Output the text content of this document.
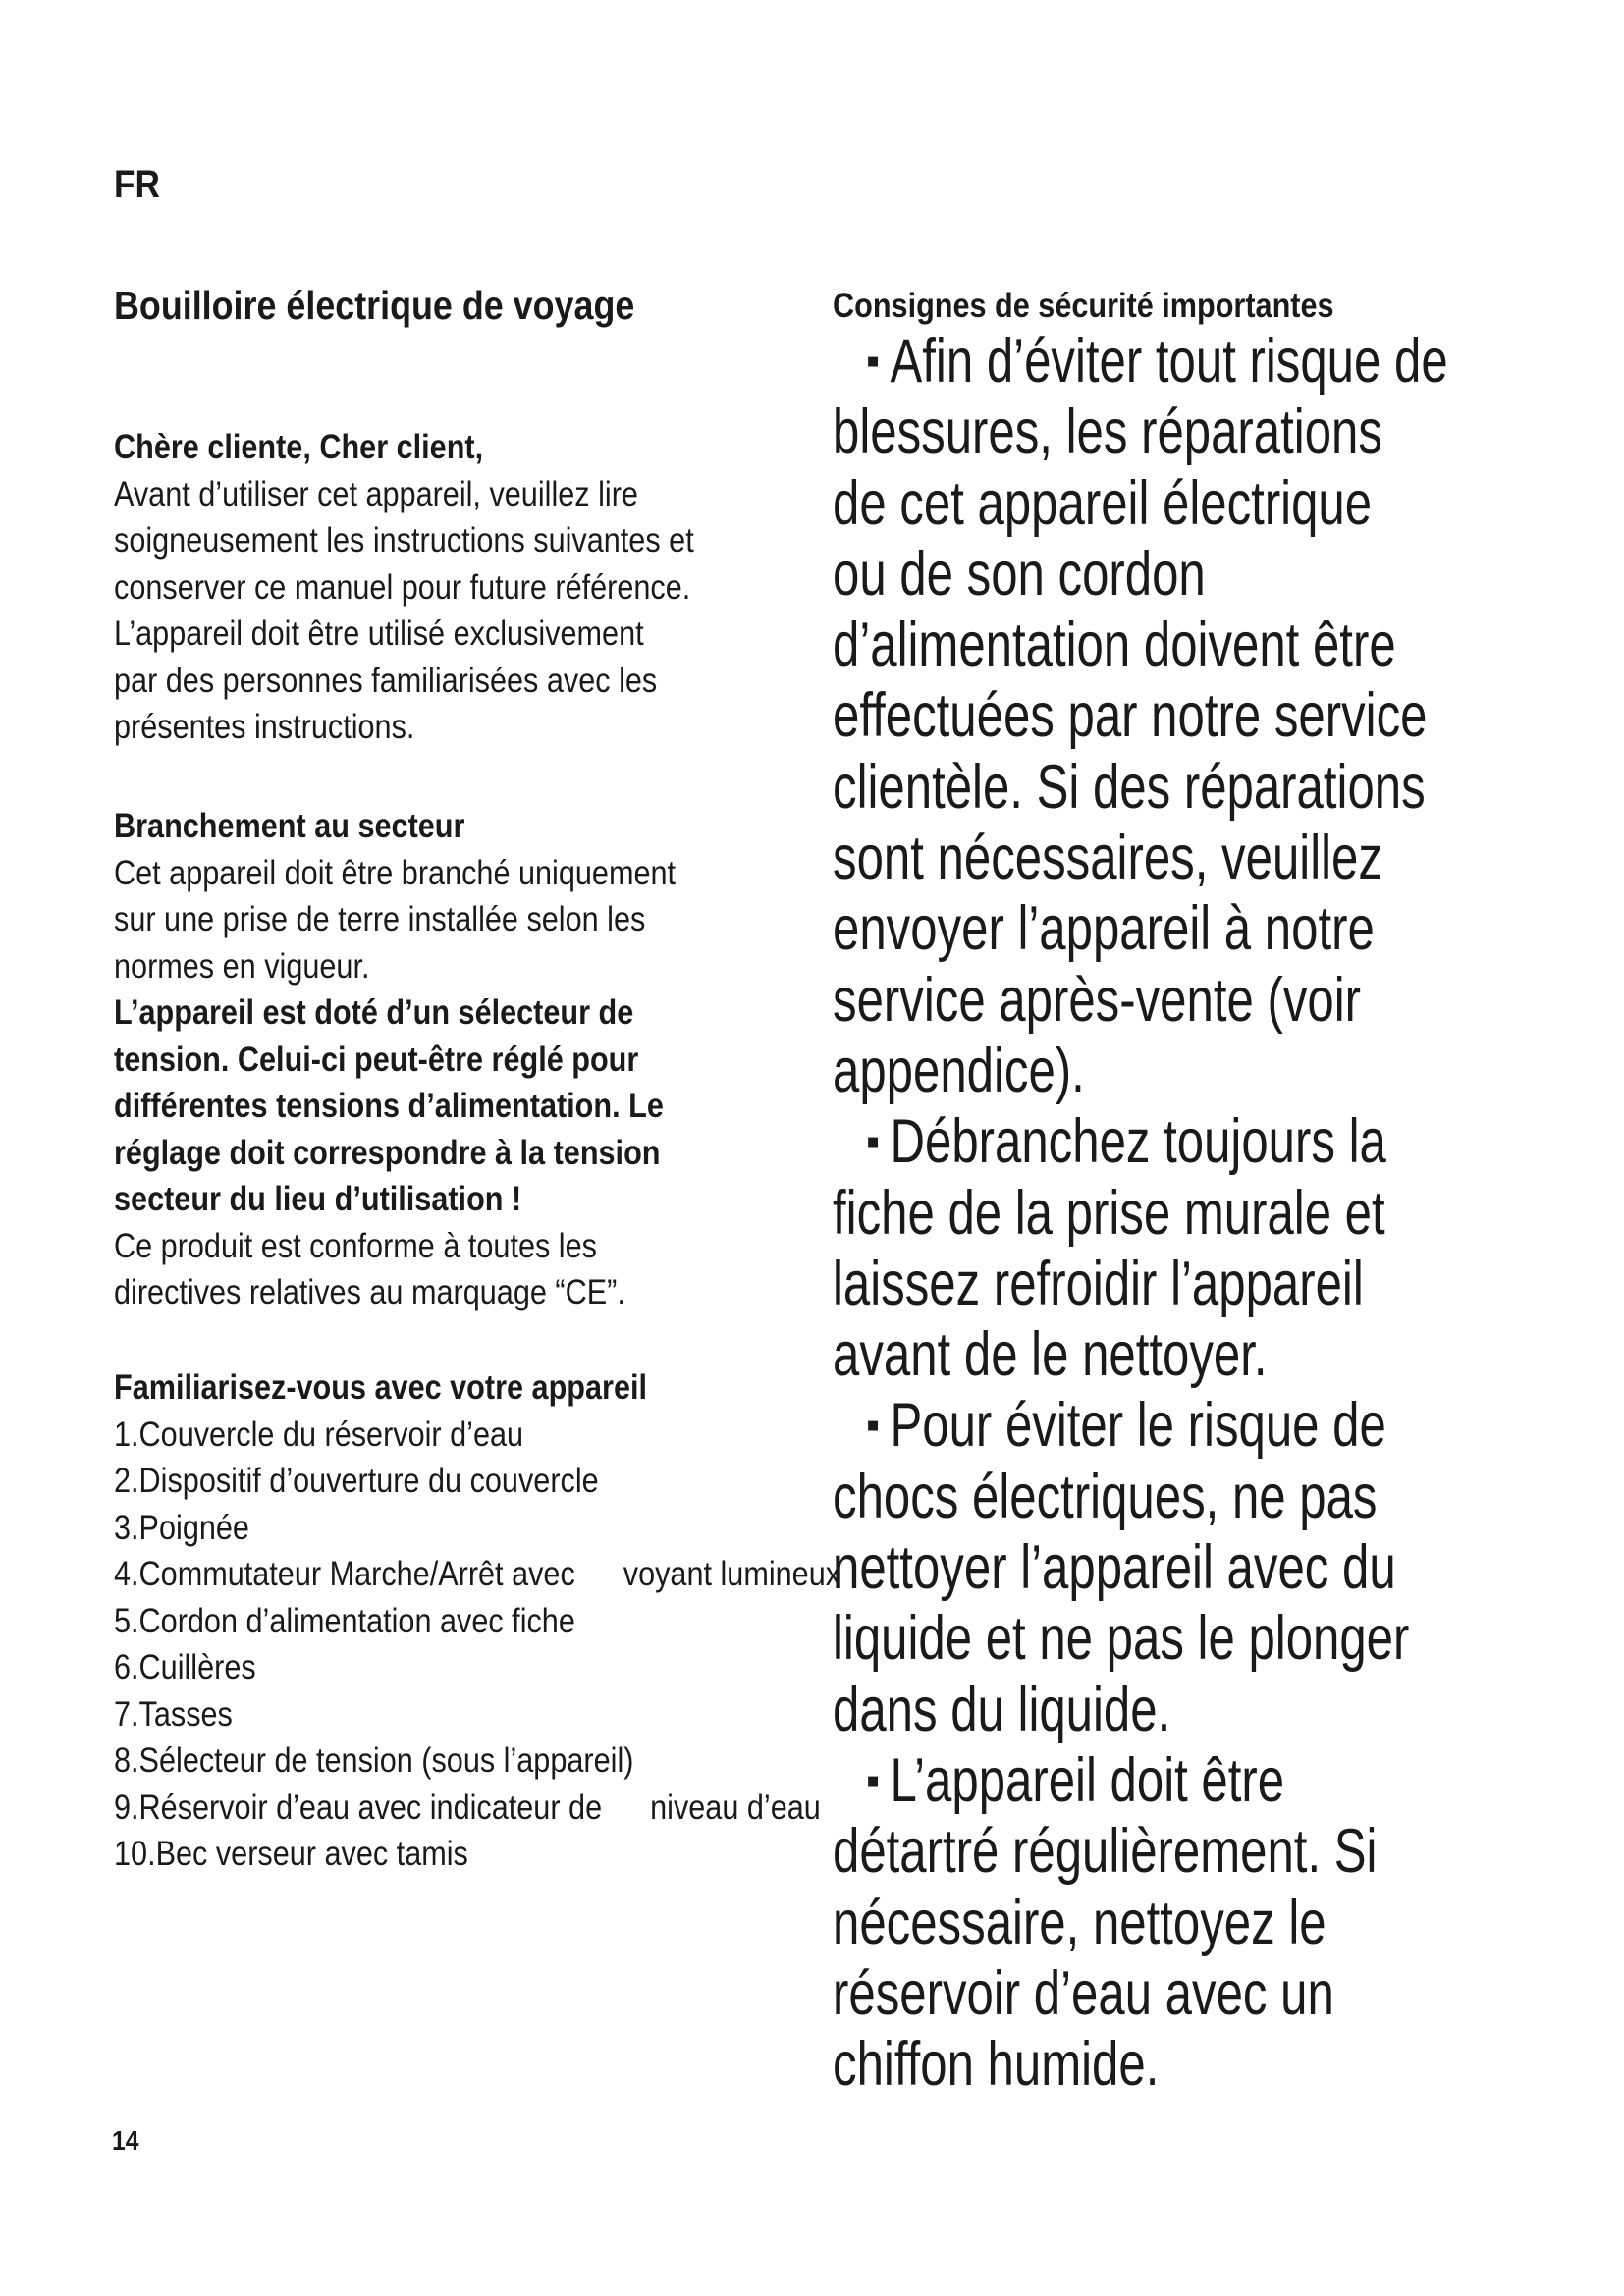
FR
Bouilloire électrique de voyage
Chère cliente, Cher client,
Avant d’utiliser cet appareil, veuillez lire
soigneusement les instructions suivantes et
conserver ce manuel pour future référence.
L’appareil doit être utilisé exclusivement
par des personnes familiarisées avec les
présentes instructions.
Branchement au secteur
Cet appareil doit être branché uniquement
sur une prise de terre installée selon les
normes en vigueur.
L’appareil est doté d’un sélecteur de
tension. Celui-ci peut-être réglé pour
différentes tensions d’alimentation. Le
réglage doit correspondre à la tension
secteur du lieu d’utilisation !
Ce produit est conforme à toutes les
directives relatives au marquage “CE”.
Familiarisez-vous avec votre appareil
1.Couvercle du réservoir d’eau
2.Dispositif d’ouverture du couvercle
3.Poignée
4.Commutateur Marche/Arrêt avec voyant lumineux
5.Cordon d’alimentation avec fiche
6.Cuillères
7.Tasses
8.Sélecteur de tension (sous l’appareil)
9.Réservoir d’eau avec indicateur de niveau d’eau
10.Bec verseur avec tamis
Consignes de sécurité importantes
▪ Afin d’éviter tout risque de
blessures, les réparations
de cet appareil électrique
ou de son cordon
d’alimentation doivent être
effectuées par notre service
clientèle. Si des réparations
sont nécessaires, veuillez
envoyer l’appareil à notre
service après-vente (voir
appendice).
▪ Débranchez toujours la
fiche de la prise murale et
laissez refroidir l’appareil
avant de le nettoyer.
▪ Pour éviter le risque de
chocs électriques, ne pas
nettoyer l’appareil avec du
liquide et ne pas le plonger
dans du liquide.
▪ L’appareil doit être
détartré régulièrement. Si
nécessaire, nettoyez le
réservoir d’eau avec un
chiffon humide.
14
